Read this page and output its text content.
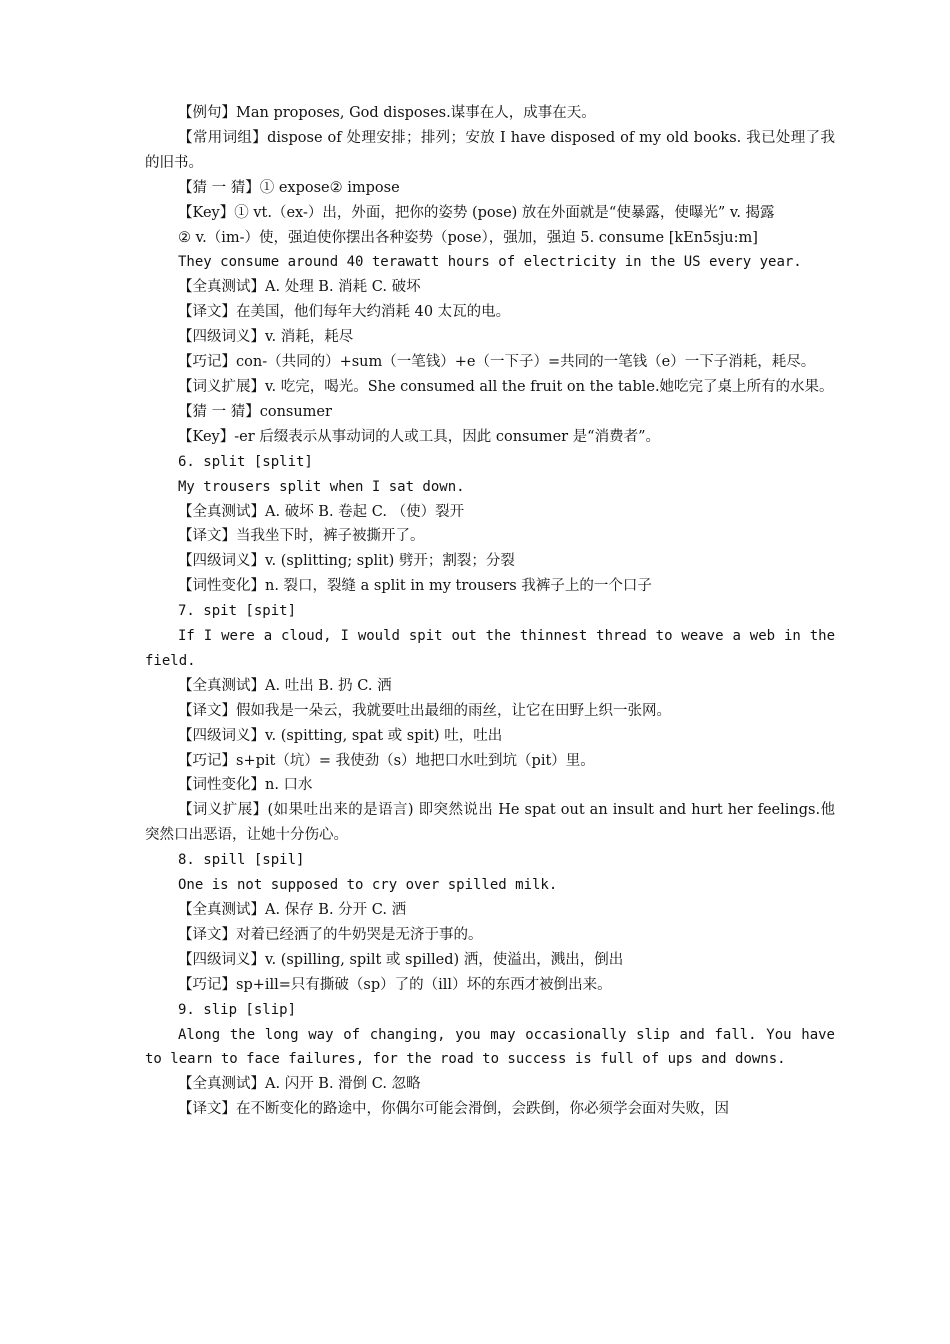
【例句】Man proposes, God disposes.谋事在人，成事在天。

【常用词组】dispose of 处理安排；排列；安放 I have disposed of my old books. 我已处理了我的旧书。

【猜 一 猜】① expose② impose

【Key】① vt.（ex-）出，外面，把你的姿势 (pose) 放在外面就是“使暴露，使曝光” v. 揭露

② v.（im-）使，强迫使你摆出各种姿势（pose），强加，强迫 5. consume [kEn5sju:m]

They consume around 40 terawatt hours of electricity in the US every year.

【全真测试】A. 处理 B. 消耗 C. 破坏

【译文】在美国，他们每年大约消耗 40 太瓦的电。

【四级词义】v. 消耗，耗尽

【巧记】con-（共同的）+sum（一笔钱）+e（一下子）=共同的一笔钱（e）一下子消耗，耗尽。

【词义扩展】v. 吃完，喝光。She consumed all the fruit on the table.她吃完了桌上所有的水果。

【猜 一 猜】consumer

【Key】-er 后缀表示从事动词的人或工具，因此 consumer 是“消费者”。

6. split [split]

My trousers split when I sat down.

【全真测试】A. 破坏 B. 卷起 C. （使）裂开

【译文】当我坐下时，裤子被撕开了。

【四级词义】v. (splitting; split) 劈开；割裂；分裂

【词性变化】n. 裂口，裂缝 a split in my trousers 我裤子上的一个口子

7. spit [spit]

If I were a cloud, I would spit out the thinnest thread to weave a web in the field.

【全真测试】A. 吐出 B. 扔 C. 洒

【译文】假如我是一朵云，我就要吐出最细的雨丝，让它在田野上织一张网。

【四级词义】v. (spitting, spat 或 spit) 吐，吐出

【巧记】s+pit（坑）= 我使劲（s）地把口水吐到坑（pit）里。

【词性变化】n. 口水

【词义扩展】(如果吐出来的是语言) 即突然说出 He spat out an insult and hurt her feelings.他突然口出恶语，让她十分伤心。

8. spill [spil]

One is not supposed to cry over spilled milk.

【全真测试】A. 保存 B. 分开 C. 洒

【译文】对着已经洒了的牛奶哭是无济于事的。

【四级词义】v. (spilling, spilt 或 spilled) 洒，使溢出，溅出，倒出

【巧记】sp+ill=只有撕破（sp）了的（ill）坏的东西才被倒出来。

9. slip [slip]

Along the long way of changing, you may occasionally slip and fall. You have to learn to face failures, for the road to success is full of ups and downs.

【全真测试】A. 闪开 B. 滑倒 C. 忽略

【译文】在不断变化的路途中，你偶尔可能会滑倒，会跌倒，你必须学会面对失败，因
